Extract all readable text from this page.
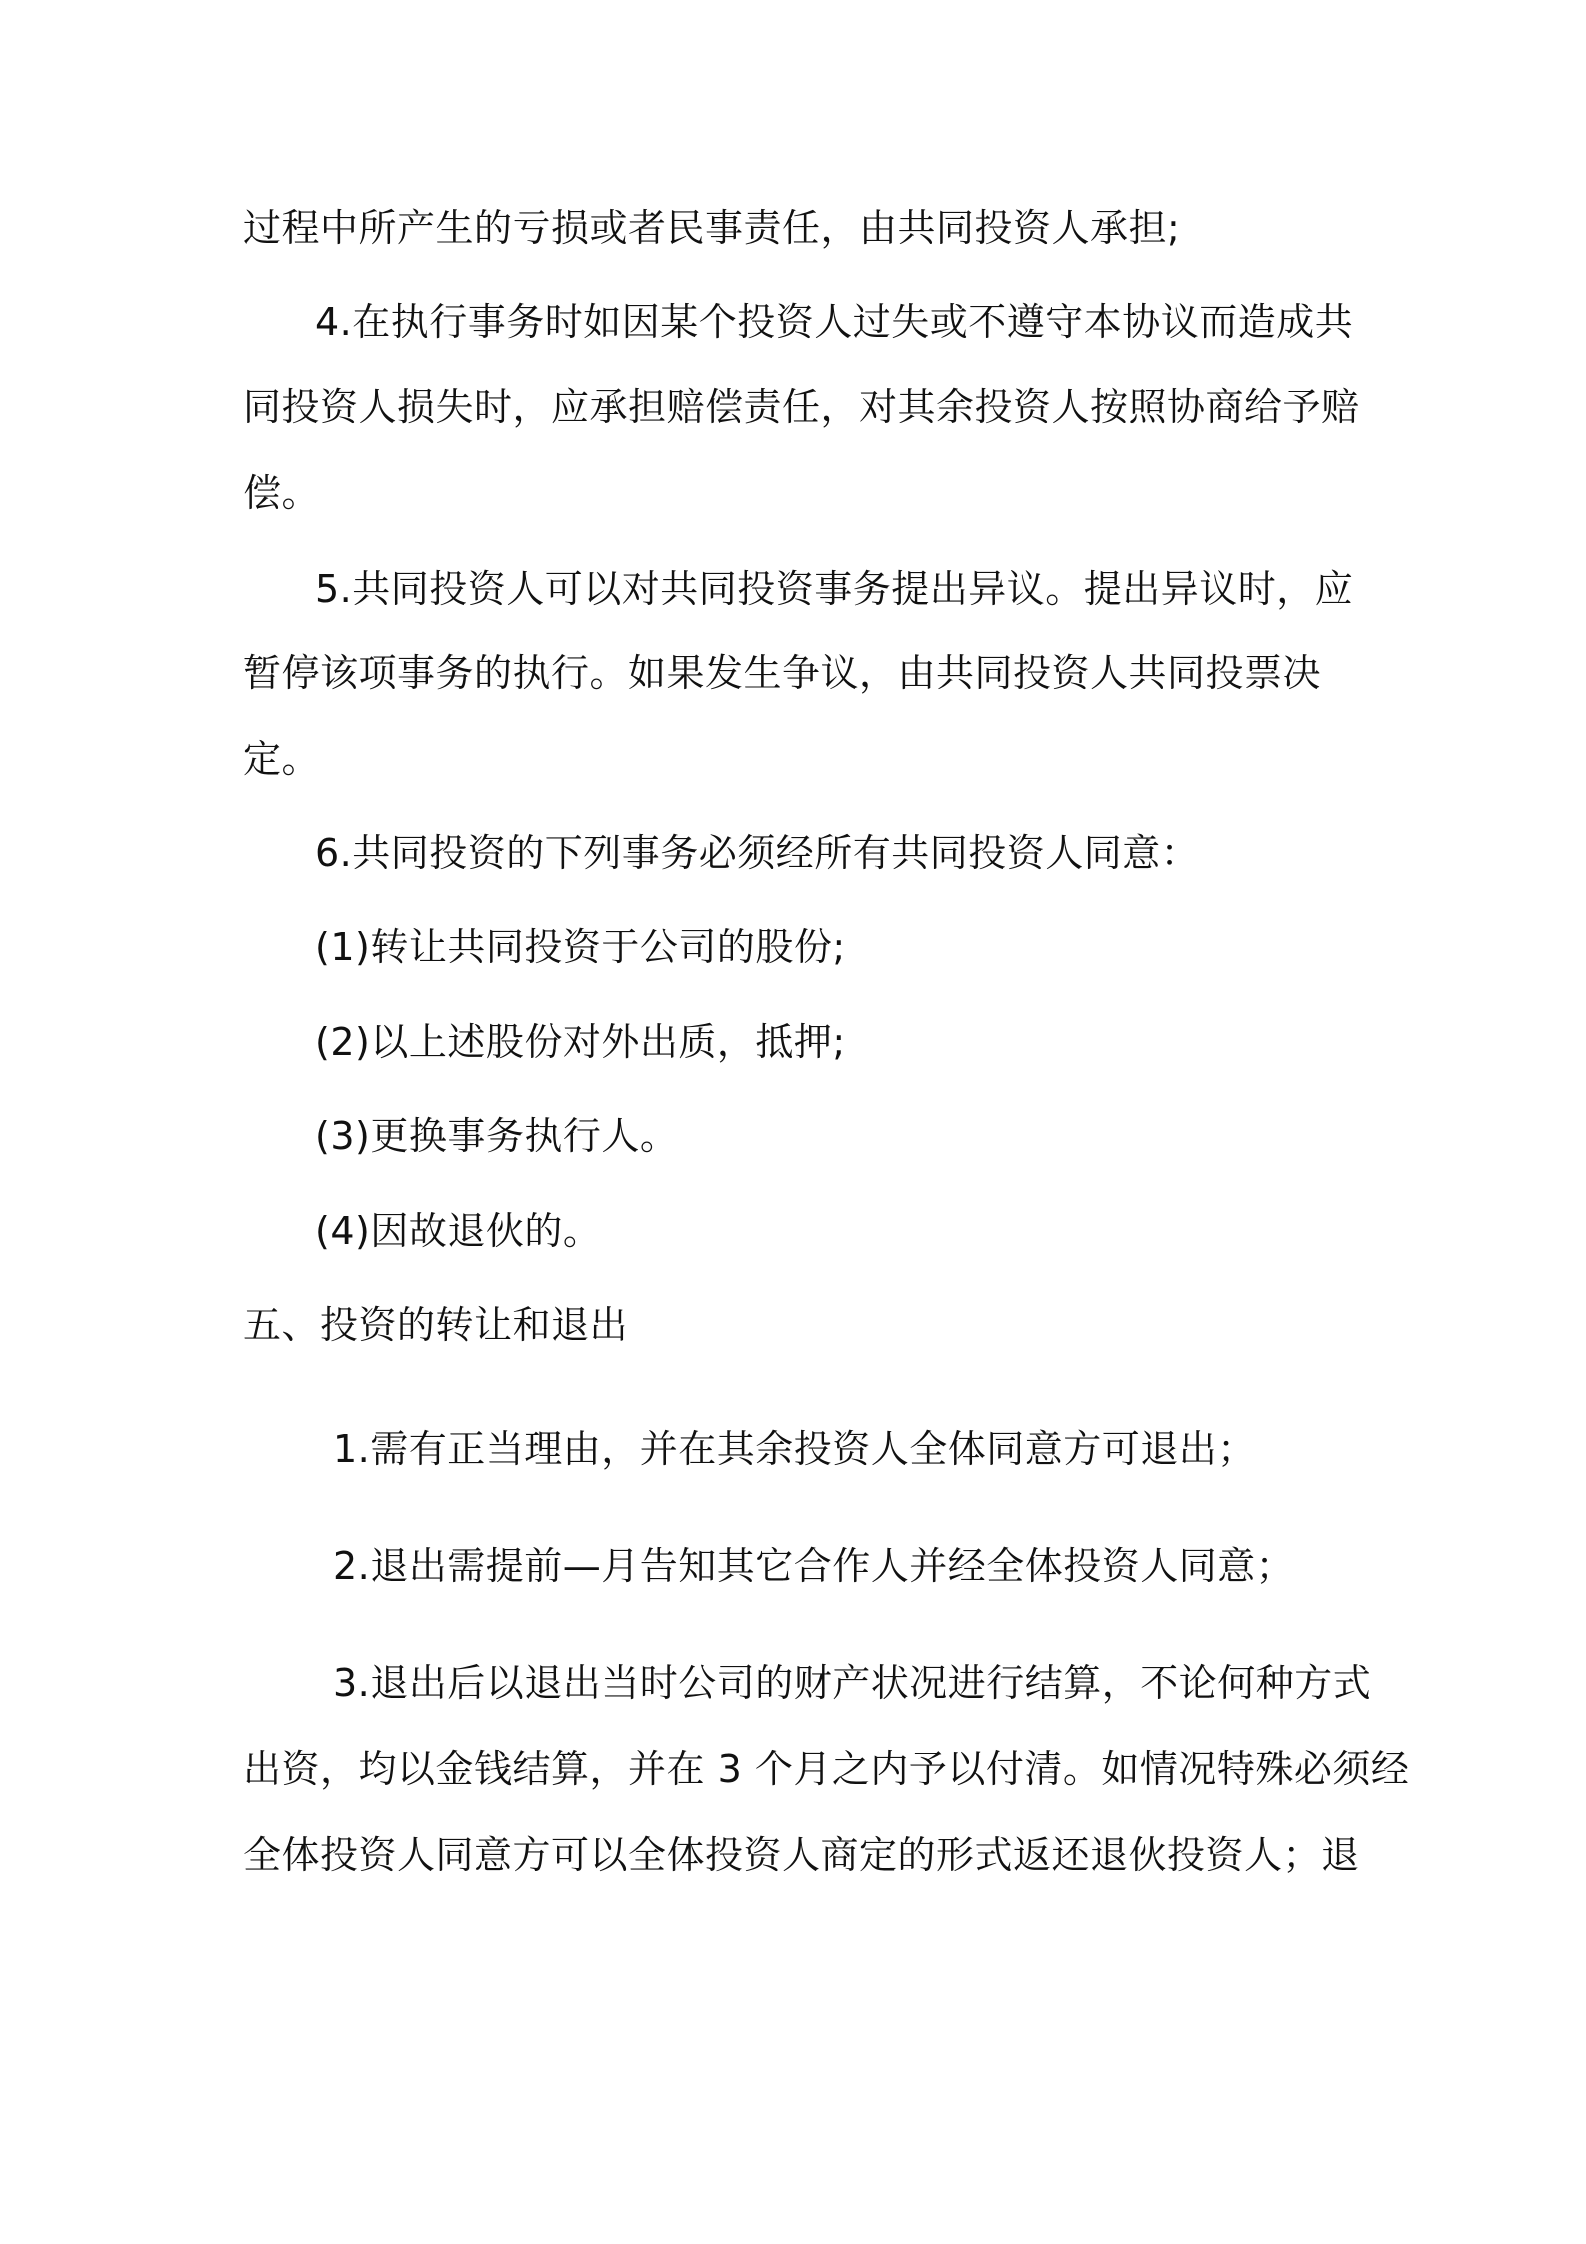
过程中所产生的亏损或者民事责任，由共同投资人承担;
4.在执行事务时如因某个投资人过失或不遵守本协议而造成共
同投资人损失时，应承担赔偿责任，对其余投资人按照协商给予赔
偿。
5.共同投资人可以对共同投资事务提出异议。提出异议时，应
暂停该项事务的执行。如果发生争议，由共同投资人共同投票决
定。
6.共同投资的下列事务必须经所有共同投资人同意：
(1)转让共同投资于公司的股份;
(2)以上述股份对外出质，抵押;
(3)更换事务执行人。
(4)因故退伙的。
五、投资的转让和退出
1.需有正当理由，并在其余投资人全体同意方可退出；
2.退出需提前—月告知其它合作人并经全体投资人同意；
3.退出后以退出当时公司的财产状况进行结算，不论何种方式
出资，均以金钱结算，并在 3 个月之内予以付清。如情况特殊必须经
全体投资人同意方可以全体投资人商定的形式返还退伙投资人；退
